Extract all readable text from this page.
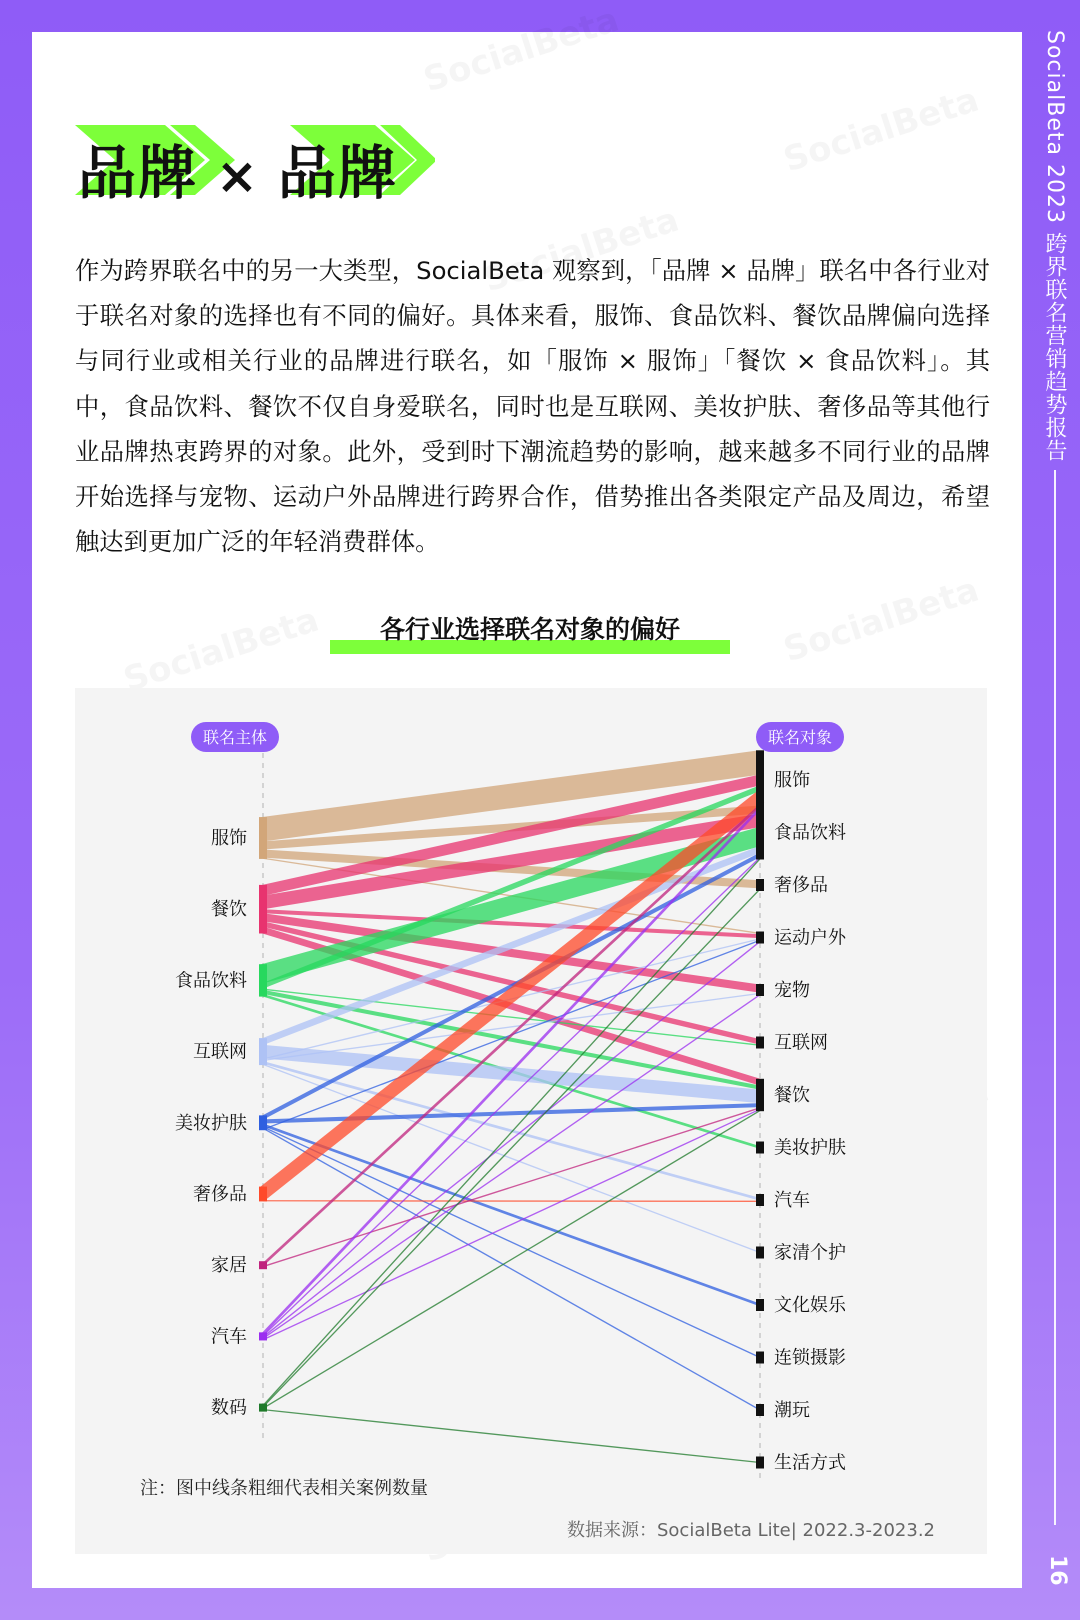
SocialBeta 2023 跨界联名营销趋势报告
16
品牌 × 品牌
作为跨界联名中的另一大类型，SocialBeta 观察到，「品牌 × 品牌」联名中各行业对于联名对象的选择也有不同的偏好。具体来看，服饰、食品饮料、餐饮品牌偏向选择与同行业或相关行业的品牌进行联名，如「服饰 × 服饰」「餐饮 × 食品饮料」。其中，食品饮料、餐饮不仅自身爱联名，同时也是互联网、美妆护肤、奢侈品等其他行业品牌热衷跨界的对象。此外，受到时下潮流趋势的影响，越来越多不同行业的品牌开始选择与宠物、运动户外品牌进行跨界合作，借势推出各类限定产品及周边，希望触达到更加广泛的年轻消费群体。
各行业选择联名对象的偏好
联名主体	联名对象
服饰
餐饮
食品饮料
互联网
美妆护肤
奢侈品
家居
汽车
数码
服饰
食品饮料
奢侈品
运动户外
宠物
互联网
餐饮
美妆护肤
汽车
家清个护
文化娱乐
连锁摄影
潮玩
生活方式
注：图中线条粗细代表相关案例数量
数据来源：SocialBeta Lite| 2022.3-2023.2
